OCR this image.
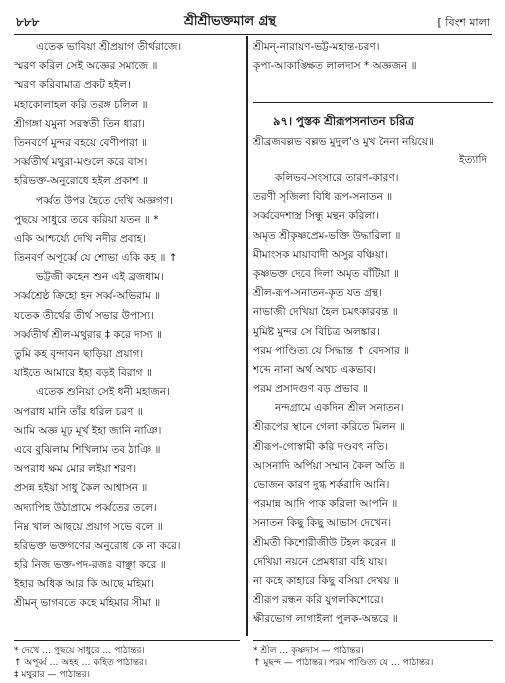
৮৮৮	শ্রীশ্রীভক্তমাল গ্রন্থ	[ বিংশ মালা
এতেক ভাবিয়া শ্রীপ্রয়াগ তীর্থরাজে।
স্মরণ করিল সেই অজ্ঞের সমাজে ॥
স্মরণ করিবামাত্র প্রকট হইল।
মহাকোলাহল করি তরঙ্গ চলিল ॥
শ্রীগঙ্গা যমুনা সরস্বতী তিন ধারা।
তিনবর্ণে মুন্দর বহয়ে বেণীপারা ॥
সর্ব্বতীর্থ মথুরা-মণ্ডলে করে বাস।
হরিভক্ত-অনুরোধে হইল প্রকাশ ॥
পর্ব্বত উপর হৈতে দেখি অজ্ঞগণ।
পুছয়ে সাধুরে তবে করিয়া যতন ॥ *
একি আশ্চর্য্যে দেখি নদীর প্রবাহ।
তিনবর্ণ অপূর্ব্বে যে শোভা একি কহ ॥ ↑
ভট্টজী কহেন শুন এই ব্রজধাম।
সর্ব্বশ্রেষ্ঠ ক্রিহো হন সর্ব্ব-অভিরাম ॥
যতেক তীর্থের তীর্থ সভার উপাস্য।
সর্ব্বতীর্থ শ্রীল-মথুরার ‡ করে দাস্য ॥
তুমি কহ বৃন্দাবন ছাড়িয়া প্রয়াগ।
যাইতে আমারে ইহা বড়ই বিরাগ ॥
এতেক শুনিয়া সেই ধনী মহাজন।
অপরাধ মানি তাঁর ধরিল চরণ ॥
আমি অজ্ঞ মূঢ় মূর্খ ইহা জানি নাঞি।
এবে বুঝিলাম শিখিলাম তব ঠাঞি ॥
অপরাধ ক্ষম মোর লইয়া শরণ।
প্রসন্ন হইয়া সাধু কৈল আশ্বাসন ॥
অদ্যাপিহ উঠাপ্রামে পর্ব্বতের তলে।
নিম্ন খাল আছয়ে প্রয়াগ সভে বলে ॥
হরিভক্ত ভক্তগণের অনুরোধ কে না করে।
হরি নিজ ভক্ত-পদ-রজঃ বাঞ্ছা করে ॥
ইহার অধিক আর কি আছে মহিমা।
শ্রীমন্ ভাগবতে কহে মহিমার সীমা ॥
শ্রীমন্-নারায়ণ-ভট্ট-মহান্ত-চরণ।
কৃপা-আকাঙ্ক্ষিত লালদাস * অজ্ঞজন ॥
৯৭। পুস্তক শ্রীরূপসনাতন চরিত্র
শ্রীব্রজবল্লভ বল্লভ মুদুল'ও মুখ নৈনা নয়িয়ে॥
ইত্যাদি
কলিভব-সংসারে তারণ-কারণ।
তরণী সৃজিলা বিধি রূপ-সনাতন ॥
সর্ব্ববেদশাস্ত্র সিন্ধু মন্থন করিলা।
অমৃত শ্রীকৃষ্ণপ্রেম-ভক্তি উদ্ধারিলা ॥
মীমাংসক মায়াবাদী অসুর বঞ্চিয়া।
কৃষ্ণভক্ত দেবে দিলা অমৃত বাঁটিয়া ॥
শ্রীল-রূপ-সনাতন-কৃত যত গ্রন্থ।
নাভাজী দেখিয়া হৈল চমৎকারবন্ত ॥
মুমিষ্ট মুন্দর সে বিচিত্র অলঙ্কার।
পরম পাণ্ডিত্য যে সিদ্ধান্ত ↑ বেদসার ॥
শব্দে নানা অর্থ অথচ একভাব।
পরম প্রসাদগুণ বড় প্রভাব ॥
নন্দগ্রামে একদিন শ্রীল সনাতন।
শ্রীরূপের স্থানে গেলা করিতে মিলন ॥
শ্রীরূপ-গোস্বামী করি দণ্ডবৎ নতি।
আসনাদি অর্পিয়া সম্মান কৈল অতি ॥
ভোজন কারণ দুগ্ধ শর্করাদি আনি।
পরমান্ন আদি পাক করিলা আপনি ॥
সনাতন কিছু কিছু আভাস দেখেন।
শ্রীমতী কিশোরীজীউ টহল করেন ॥
দেখিয়া নয়নে প্রেমধারা বহি যায়।
না কহে কাহারে কিছু বসিয়া দেখয় ॥
শ্রীরূপ রন্ধন করি যুগলকিশোরে।
ক্ষীরভোগ লাগাইলা পুলক-অন্তরে ॥
* দেখে … পুছয়ে সাধুরে … পাঠান্তর।
↑ অপূর্ব্ব … অহহ … কহিত পাঠান্তর।
‡ মথুরার — পাঠান্তর।
* শ্রীল … কৃষ্ণদাস — পাঠান্তর।
↑ মুছন্দ — পাঠান্তর। পরম পাণ্ডিত্য যে … পাঠান্তর।
